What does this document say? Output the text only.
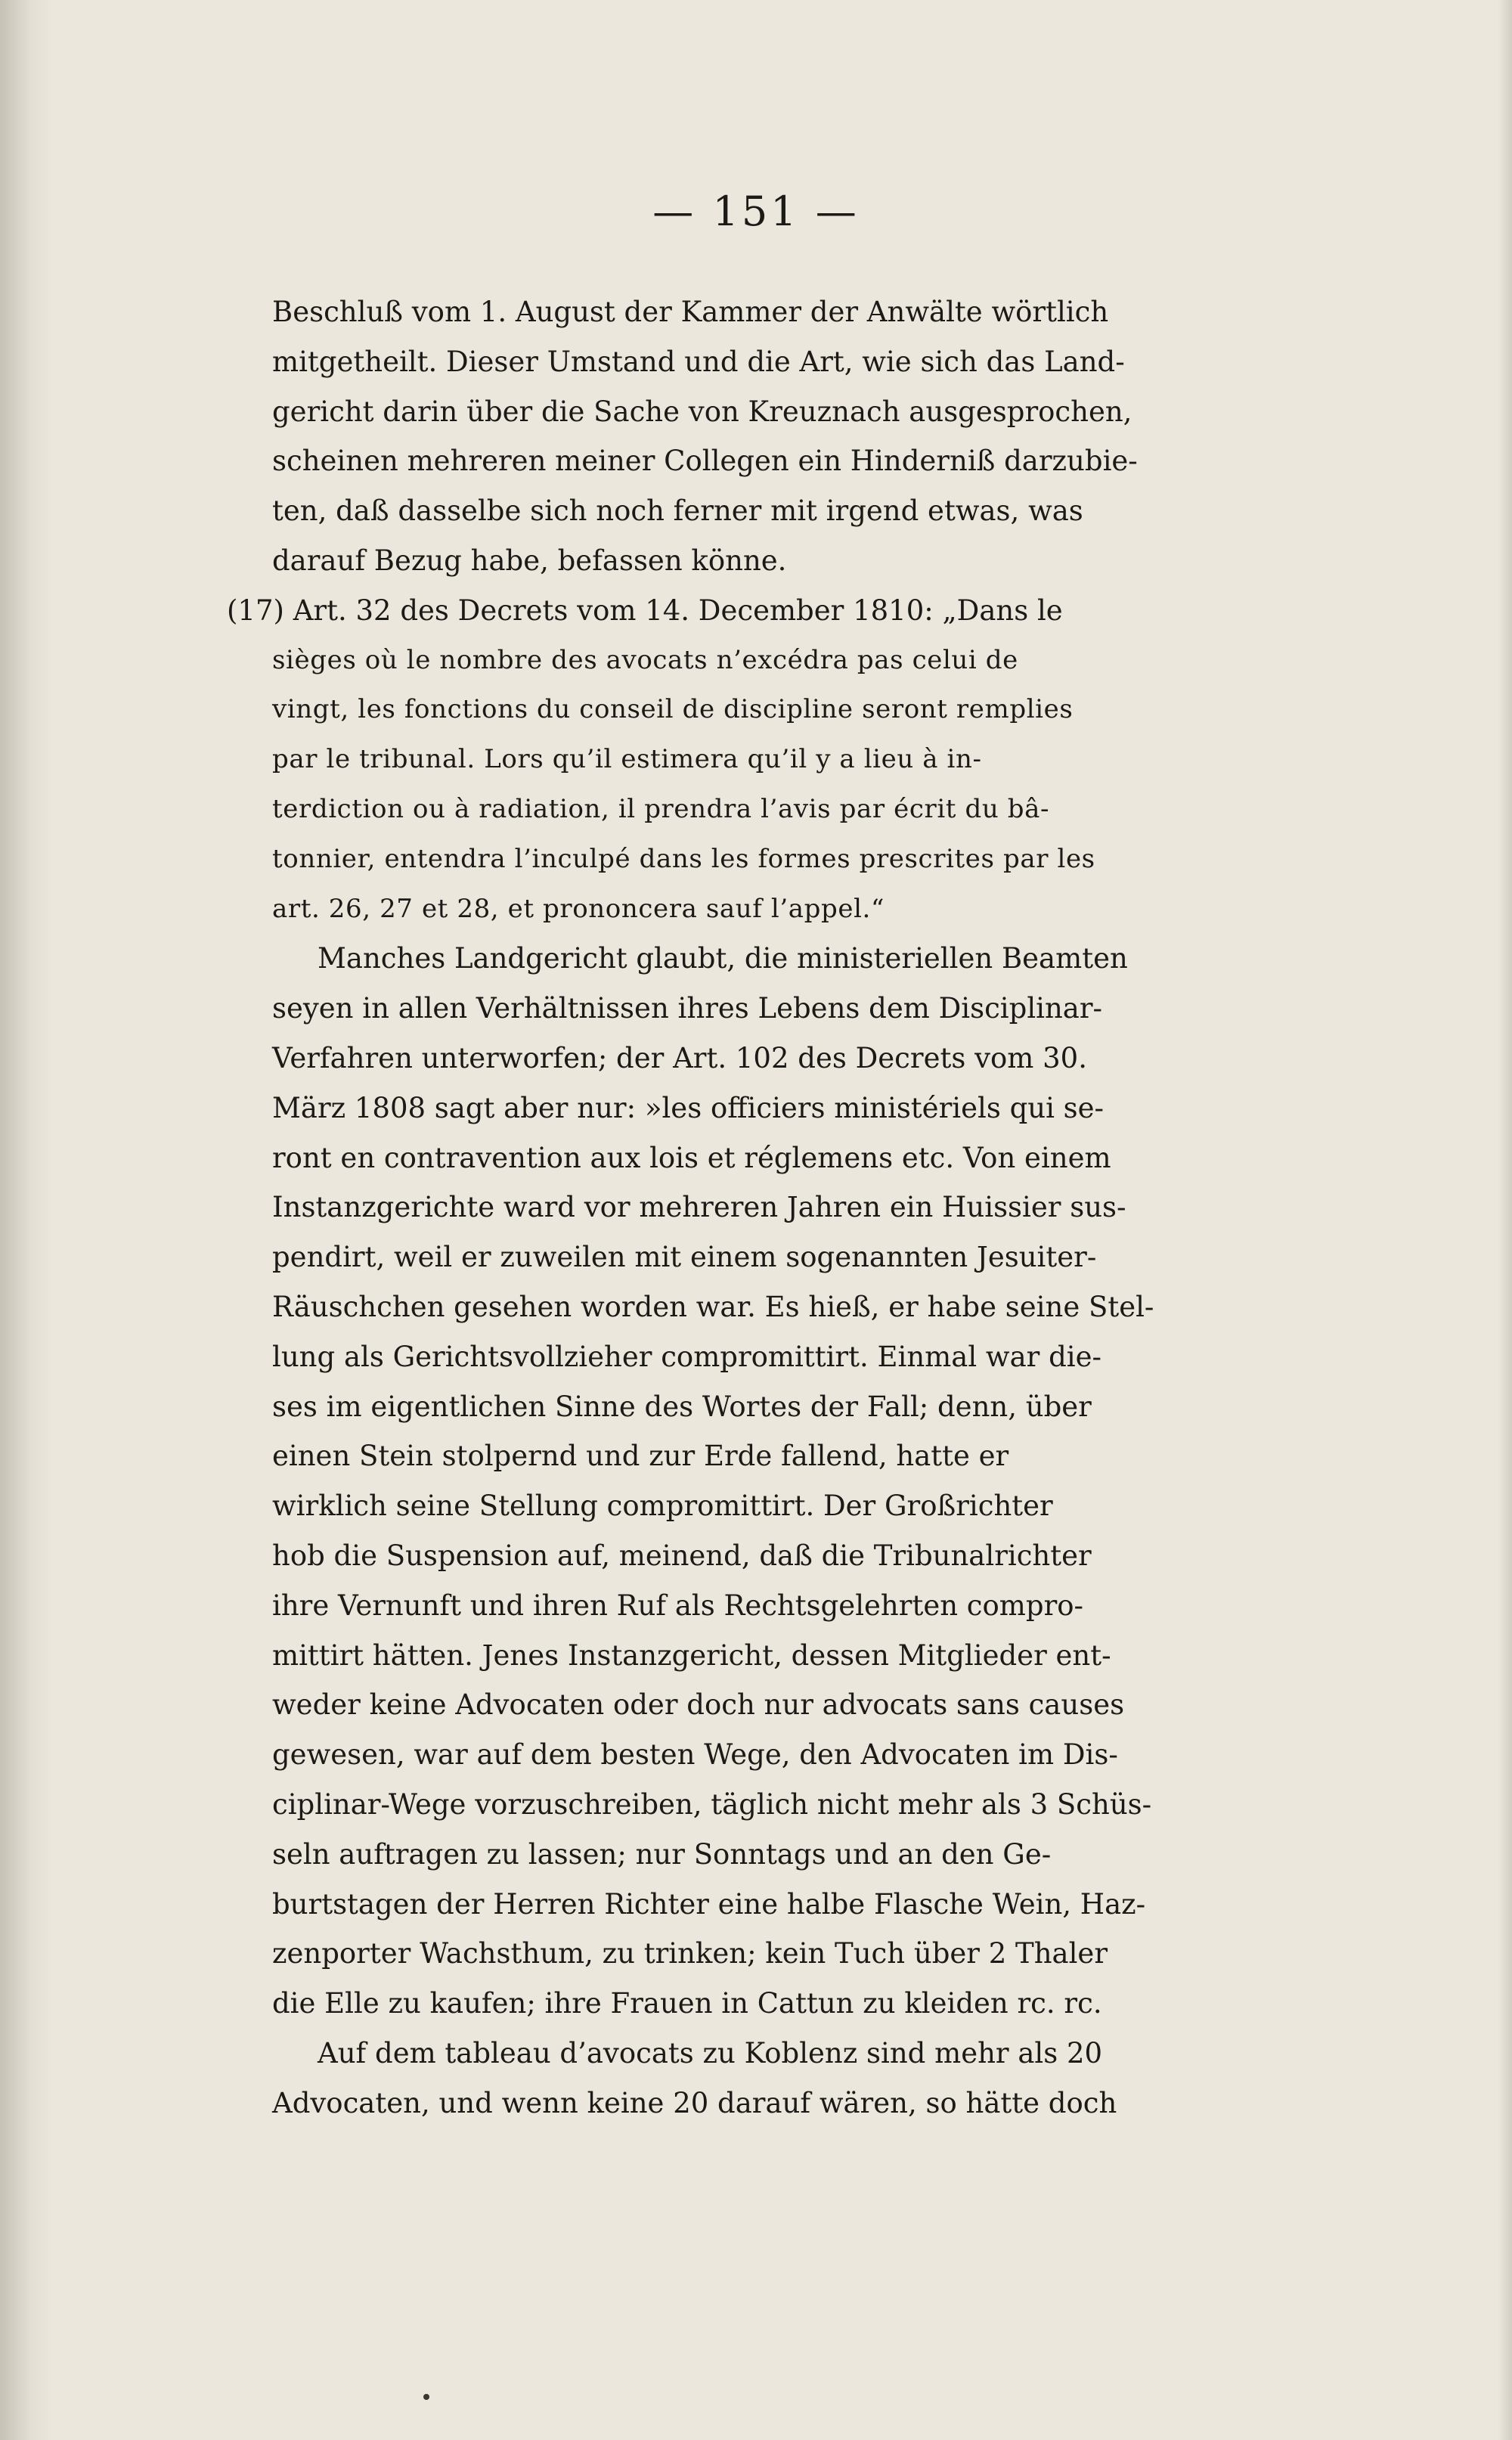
— 151 —
Beschluß vom 1. August der Kammer der Anwälte wörtlich
mitgetheilt. Dieser Umstand und die Art, wie sich das Land-
gericht darin über die Sache von Kreuznach ausgesprochen,
scheinen mehreren meiner Collegen ein Hinderniß darzubie-
ten, daß dasselbe sich noch ferner mit irgend etwas, was
darauf Bezug habe, befassen könne.
(17) Art. 32 des Decrets vom 14. December 1810: „Dans le
sièges où le nombre des avocats n’excédra pas celui de
vingt, les fonctions du conseil de discipline seront remplies
par le tribunal. Lors qu’il estimera qu’il y a lieu à in-
terdiction ou à radiation, il prendra l’avis par écrit du bâ-
tonnier, entendra l’inculpé dans les formes prescrites par les
art. 26, 27 et 28, et prononcera sauf l’appel.“
Manches Landgericht glaubt, die ministeriellen Beamten
seyen in allen Verhältnissen ihres Lebens dem Disciplinar-
Verfahren unterworfen; der Art. 102 des Decrets vom 30.
März 1808 sagt aber nur: »les officiers ministériels qui se-
ront en contravention aux lois et réglemens etc. Von einem
Instanzgerichte ward vor mehreren Jahren ein Huissier sus-
pendirt, weil er zuweilen mit einem sogenannten Jesuiter-
Räuschchen gesehen worden war. Es hieß, er habe seine Stel-
lung als Gerichtsvollzieher compromittirt. Einmal war die-
ses im eigentlichen Sinne des Wortes der Fall; denn, über
einen Stein stolpernd und zur Erde fallend, hatte er
wirklich seine Stellung compromittirt. Der Großrichter
hob die Suspension auf, meinend, daß die Tribunalrichter
ihre Vernunft und ihren Ruf als Rechtsgelehrten compro-
mittirt hätten. Jenes Instanzgericht, dessen Mitglieder ent-
weder keine Advocaten oder doch nur advocats sans causes
gewesen, war auf dem besten Wege, den Advocaten im Dis-
ciplinar-Wege vorzuschreiben, täglich nicht mehr als 3 Schüs-
seln auftragen zu lassen; nur Sonntags und an den Ge-
burtstagen der Herren Richter eine halbe Flasche Wein, Haz-
zenporter Wachsthum, zu trinken; kein Tuch über 2 Thaler
die Elle zu kaufen; ihre Frauen in Cattun zu kleiden rc. rc.
Auf dem tableau d’avocats zu Koblenz sind mehr als 20
Advocaten, und wenn keine 20 darauf wären, so hätte doch
